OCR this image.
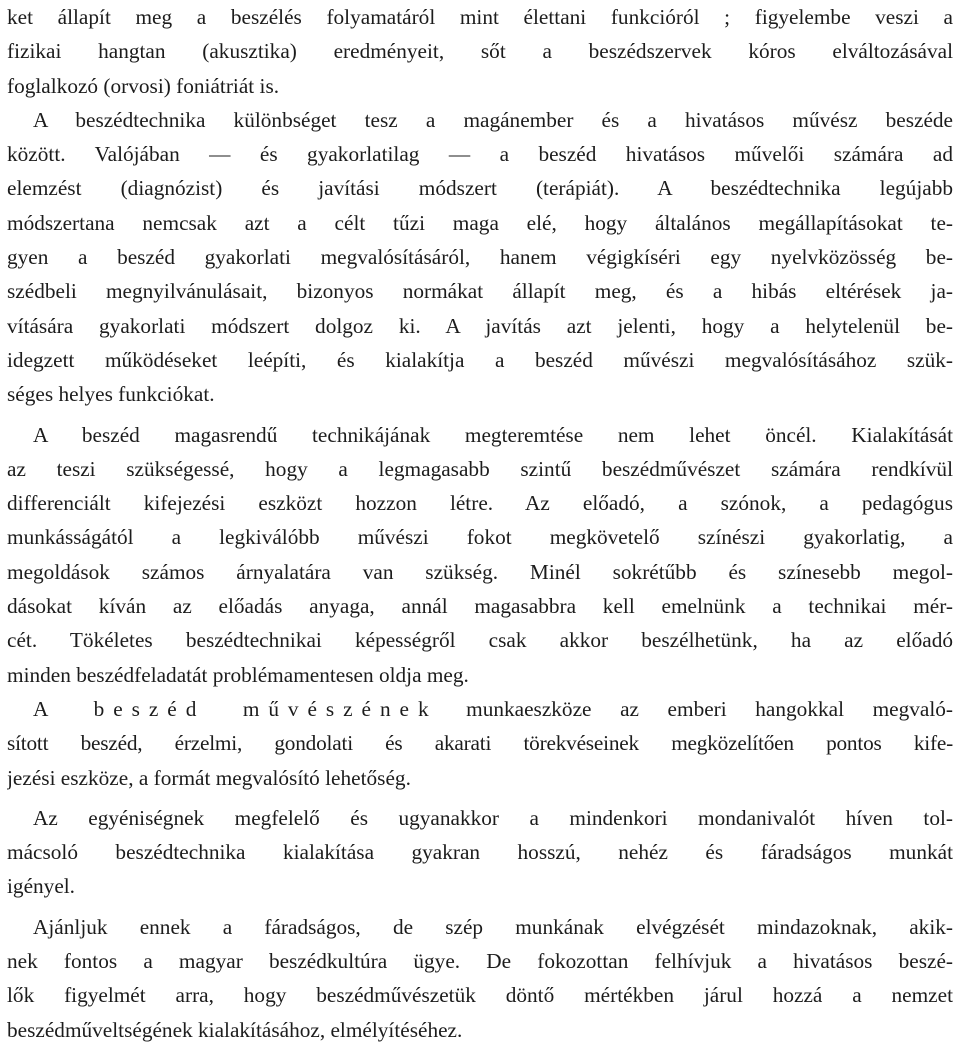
ket állapít meg a beszélés folyamatáról mint élettani funkcióról ; figyelembe veszi a
fizikai hangtan (akusztika) eredményeit, sőt a beszédszervek kóros elváltozásával
foglalkozó (orvosi) foniátriát is.
A beszédtechnika különbséget tesz a magánember és a hivatásos művész beszéde
között. Valójában — és gyakorlatilag — a beszéd hivatásos művelői számára ad
elemzést (diagnózist) és javítási módszert (terápiát). A beszédtechnika legújabb
módszertana nemcsak azt a célt tűzi maga elé, hogy általános megállapításokat te-
gyen a beszéd gyakorlati megvalósításáról, hanem végigkíséri egy nyelvközösség be-
szédbeli megnyilvánulásait, bizonyos normákat állapít meg, és a hibás eltérések ja-
vítására gyakorlati módszert dolgoz ki. A javítás azt jelenti, hogy a helytelenül be-
idegzett működéseket leépíti, és kialakítja a beszéd művészi megvalósításához szük-
séges helyes funkciókat.
A beszéd magasrendű technikájának megteremtése nem lehet öncél. Kialakítását
az teszi szükségessé, hogy a legmagasabb szintű beszédművészet számára rendkívül
differenciált kifejezési eszközt hozzon létre. Az előadó, a szónok, a pedagógus
munkásságától a legkiválóbb művészi fokot megkövetelő színészi gyakorlatig, a
megoldások számos árnyalatára van szükség. Minél sokrétűbb és színesebb megol-
dásokat kíván az előadás anyaga, annál magasabbra kell emelnünk a technikai mér-
cét. Tökéletes beszédtechnikai képességről csak akkor beszélhetünk, ha az előadó
minden beszédfeladatát problémamentesen oldja meg.
A beszéd művészének munkaeszköze az emberi hangokkal megvaló-
sított beszéd, érzelmi, gondolati és akarati törekvéseinek megközelítően pontos kife-
jezési eszköze, a formát megvalósító lehetőség.
Az egyéniségnek megfelelő és ugyanakkor a mindenkori mondanivalót híven tol-
mácsoló beszédtechnika kialakítása gyakran hosszú, nehéz és fáradságos munkát
igényel.
Ajánljuk ennek a fáradságos, de szép munkának elvégzését mindazoknak, akik-
nek fontos a magyar beszédkultúra ügye. De fokozottan felhívjuk a hivatásos beszé-
lők figyelmét arra, hogy beszédművészetük döntő mértékben járul hozzá a nemzet
beszédműveltségének kialakításához, elmélyítéséhez.
